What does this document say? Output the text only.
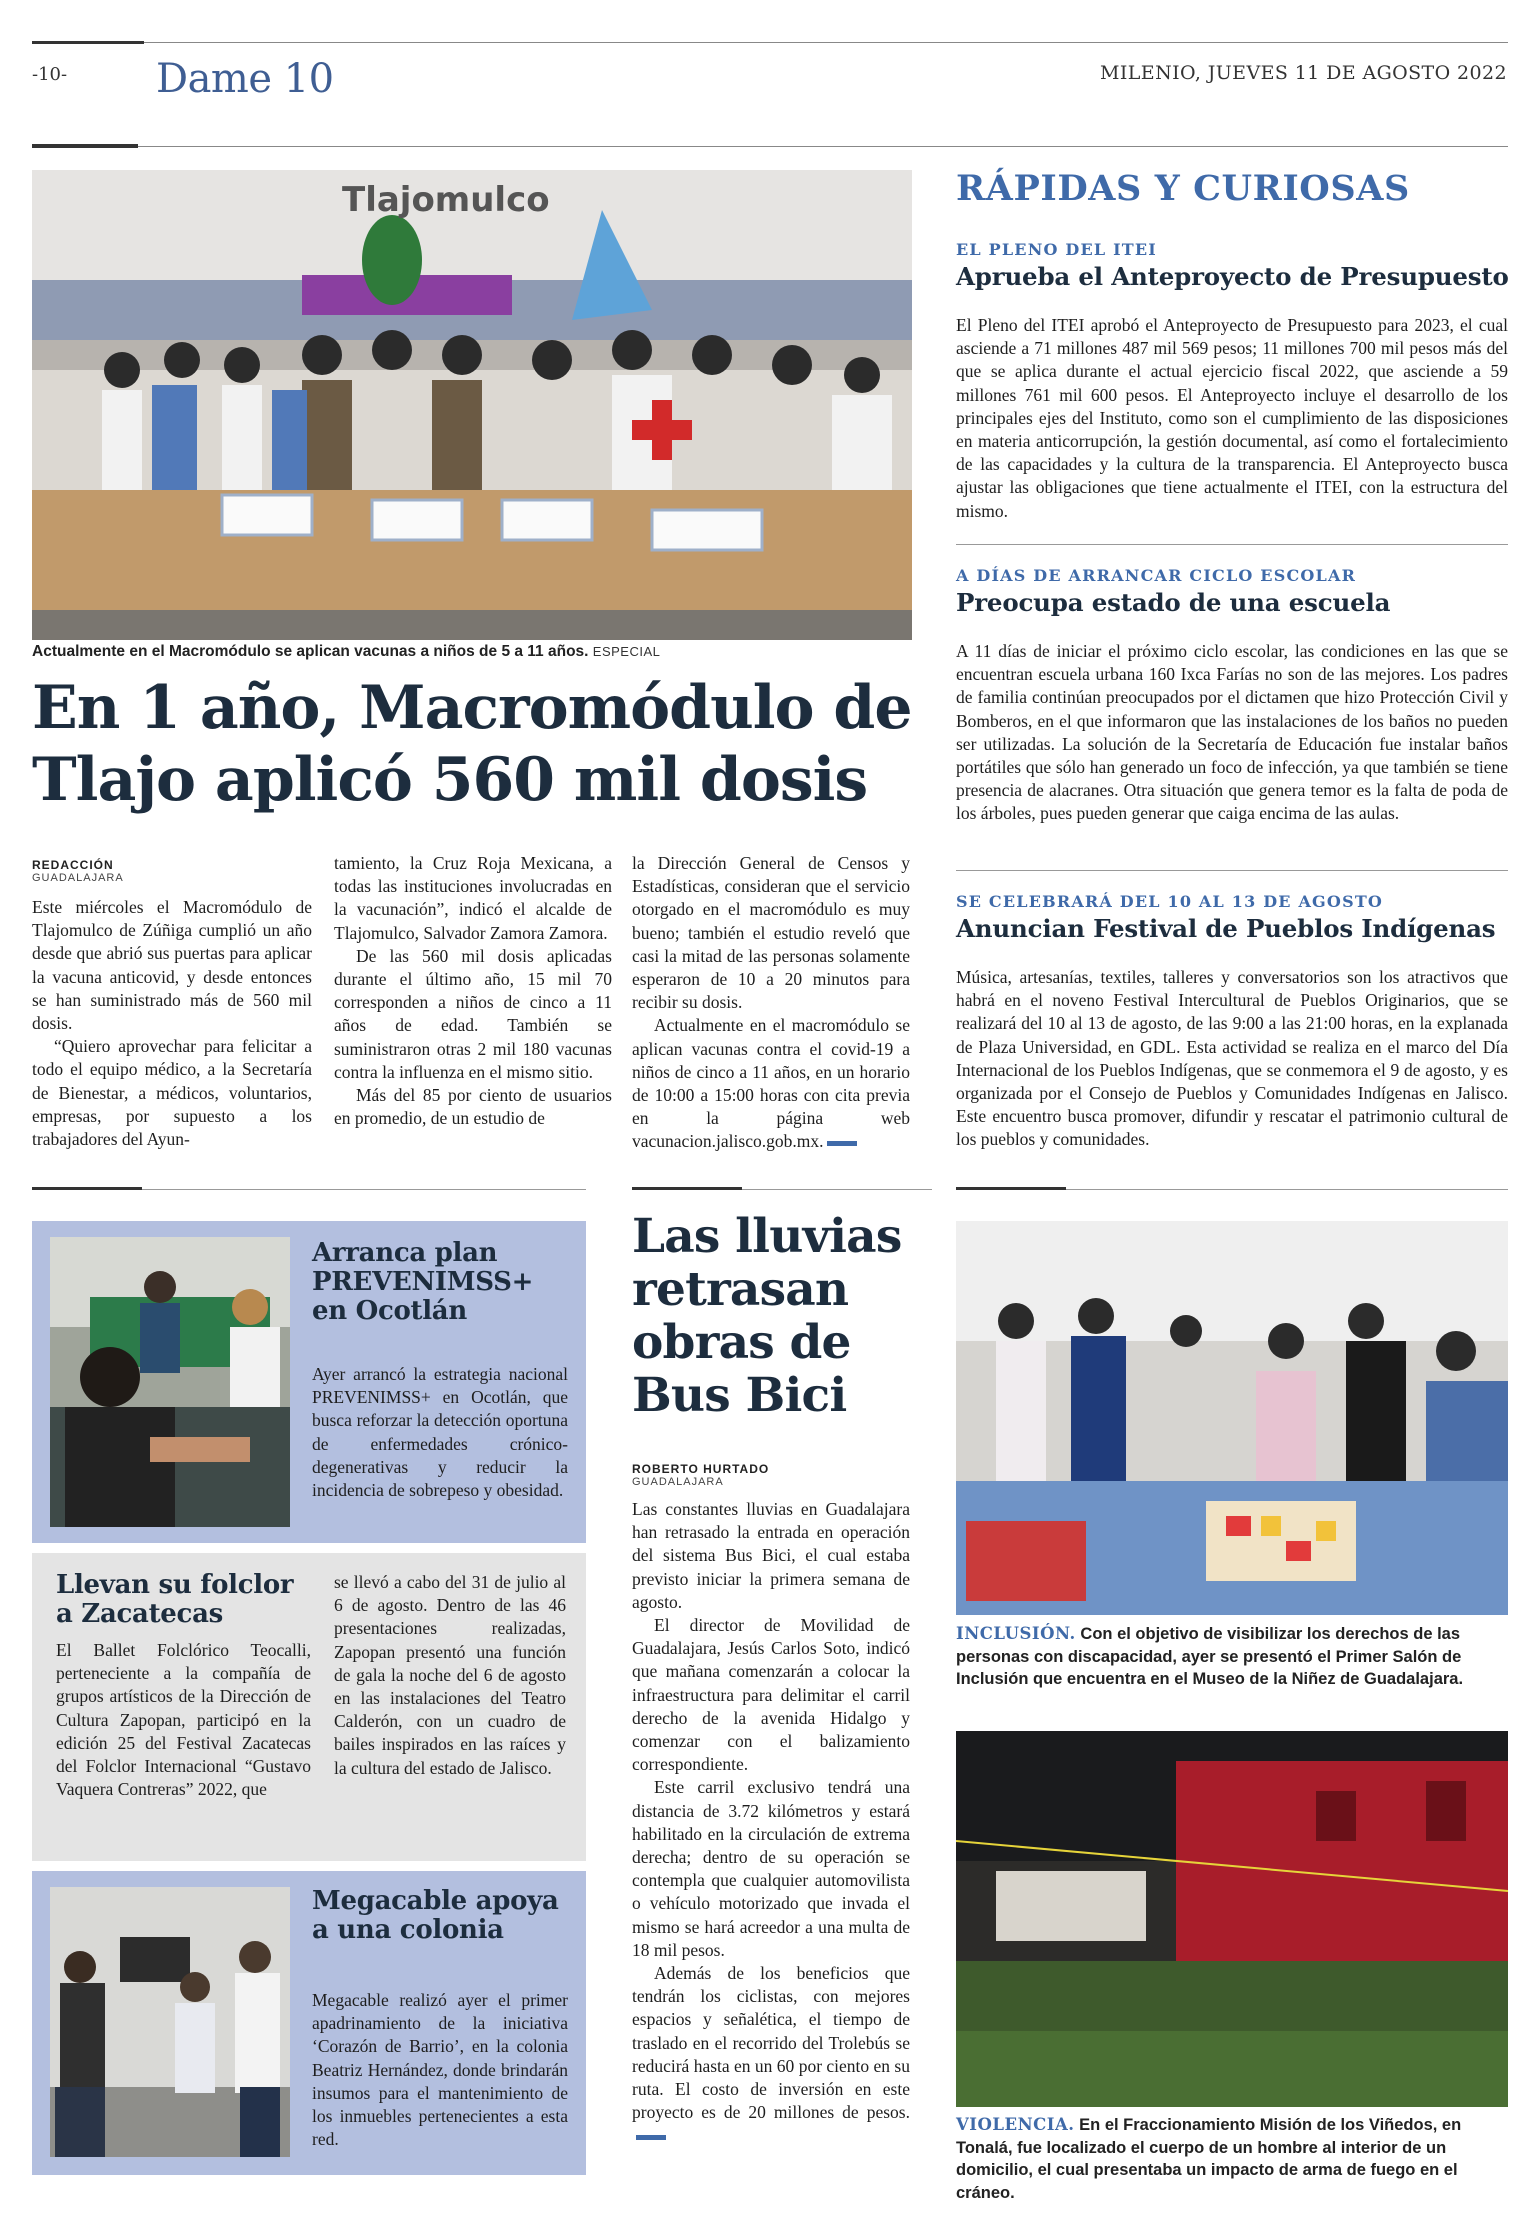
-10- Dame 10	MILENIO, JUEVES 11 DE AGOSTO 2022
Tlajomulco
Actualmente en el Macromódulo se aplican vacunas a niños de 5 a 11 años. ESPECIAL
En 1 año, Macromódulo de
Tlajo aplicó 560 mil dosis
REDACCIÓN
GUADALAJARA

Este miércoles el Macromódulo de Tlajomulco de Zúñiga cumplió un año desde que abrió sus puertas para aplicar la vacuna anticovid, y desde entonces se han suministrado más de 560 mil dosis.

“Quiero aprovechar para felicitar a todo el equipo médico, a la Secretaría de Bienestar, a médicos, voluntarios, empresas, por supuesto a los trabajadores del Ayun-

tamiento, la Cruz Roja Mexicana, a todas las instituciones involucradas en la vacunación”, indicó el alcalde de Tlajomulco, Salvador Zamora Zamora.

De las 560 mil dosis aplicadas durante el último año, 15 mil 70 corresponden a niños de cinco a 11 años de edad. También se suministraron otras 2 mil 180 vacunas contra la influenza en el mismo sitio.

Más del 85 por ciento de usuarios en promedio, de un estudio de

la Dirección General de Censos y Estadísticas, consideran que el servicio otorgado en el macromódulo es muy bueno; también el estudio reveló que casi la mitad de las personas solamente esperaron de 10 a 20 minutos para recibir su dosis.

Actualmente en el macromódulo se aplican vacunas contra el covid-19 a niños de cinco a 11 años, en un horario de 10:00 a 15:00 horas con cita previa en la página web vacunacion.jalisco.gob.mx.

RÁPIDAS Y CURIOSAS
EL PLENO DEL ITEI
Aprueba el Anteproyecto de Presupuesto
El Pleno del ITEI aprobó el Anteproyecto de Presupuesto para 2023, el cual asciende a 71 millones 487 mil 569 pesos; 11 millones 700 mil pesos más del que se aplica durante el actual ejercicio fiscal 2022, que asciende a 59 millones 761 mil 600 pesos. El Anteproyecto incluye el desarrollo de los principales ejes del Instituto, como son el cumplimiento de las disposiciones en materia anticorrupción, la gestión documental, así como el fortalecimiento de las capacidades y la cultura de la transparencia. El Anteproyecto busca ajustar las obligaciones que tiene actualmente el ITEI, con la estructura del mismo.
A DÍAS DE ARRANCAR CICLO ESCOLAR
Preocupa estado de una escuela
A 11 días de iniciar el próximo ciclo escolar, las condiciones en las que se encuentran escuela urbana 160 Ixca Farías no son de las mejores. Los padres de familia continúan preocupados por el dictamen que hizo Protección Civil y Bomberos, en el que informaron que las instalaciones de los baños no pueden ser utilizadas. La solución de la Secretaría de Educación fue instalar baños portátiles que sólo han generado un foco de infección, ya que también se tiene presencia de alacranes. Otra situación que genera temor es la falta de poda de los árboles, pues pueden generar que caiga encima de las aulas.
SE CELEBRARÁ DEL 10 AL 13 DE AGOSTO
Anuncian Festival de Pueblos Indígenas
Música, artesanías, textiles, talleres y conversatorios son los atractivos que habrá en el noveno Festival Intercultural de Pueblos Originarios, que se realizará del 10 al 13 de agosto, de las 9:00 a las 21:00 horas, en la explanada de Plaza Universidad, en GDL. Esta actividad se realiza en el marco del Día Internacional de los Pueblos Indígenas, que se conmemora el 9 de agosto, y es organizada por el Consejo de Pueblos y Comunidades Indígenas en Jalisco. Este encuentro busca promover, difundir y rescatar el patrimonio cultural de los pueblos y comunidades.
Arranca plan PREVENIMSS+ en Ocotlán
Ayer arrancó la estrategia nacional PREVENIMSS+ en Ocotlán, que busca reforzar la detección oportuna de enfermedades crónico-degenerativas y reducir la incidencia de sobrepeso y obesidad.
Llevan su folclor a Zacatecas
El Ballet Folclórico Teocalli, perteneciente a la compañía de grupos artísticos de la Dirección de Cultura Zapopan, participó en la edición 25 del Festival Zacatecas del Folclor Internacional “Gustavo Vaquera Contreras” 2022, que
se llevó a cabo del 31 de julio al 6 de agosto. Dentro de las 46 presentaciones realizadas, Zapopan presentó una función de gala la noche del 6 de agosto en las instalaciones del Teatro Calderón, con un cuadro de bailes inspirados en las raíces y la cultura del estado de Jalisco.
Megacable apoya a una colonia
Megacable realizó ayer el primer apadrinamiento de la iniciativa ‘Corazón de Barrio’, en la colonia Beatriz Hernández, donde brindarán insumos para el mantenimiento de los inmuebles pertenecientes a esta red.
Las lluvias retrasan obras de Bus Bici
ROBERTO HURTADO
GUADALAJARA

Las constantes lluvias en Guadalajara han retrasado la entrada en operación del sistema Bus Bici, el cual estaba previsto iniciar la primera semana de agosto.

El director de Movilidad de Guadalajara, Jesús Carlos Soto, indicó que mañana comenzarán a colocar la infraestructura para delimitar el carril derecho de la avenida Hidalgo y comenzar con el balizamiento correspondiente.

Este carril exclusivo tendrá una distancia de 3.72 kilómetros y estará habilitado en la circulación de extrema derecha; dentro de su operación se contempla que cualquier automovilista o vehículo motorizado que invada el mismo se hará acreedor a una multa de 18 mil pesos.

Además de los beneficios que tendrán los ciclistas, con mejores espacios y señalética, el tiempo de traslado en el recorrido del Trolebús se reducirá hasta en un 60 por ciento en su ruta. El costo de inversión en este proyecto es de 20 millones de pesos.

INCLUSIÓN. Con el objetivo de visibilizar los derechos de las personas con discapacidad, ayer se presentó el Primer Salón de Inclusión que encuentra en el Museo de la Niñez de Guadalajara.
VIOLENCIA. En el Fraccionamiento Misión de los Viñedos, en Tonalá, fue localizado el cuerpo de un hombre al interior de un domicilio, el cual presentaba un impacto de arma de fuego en el cráneo.
